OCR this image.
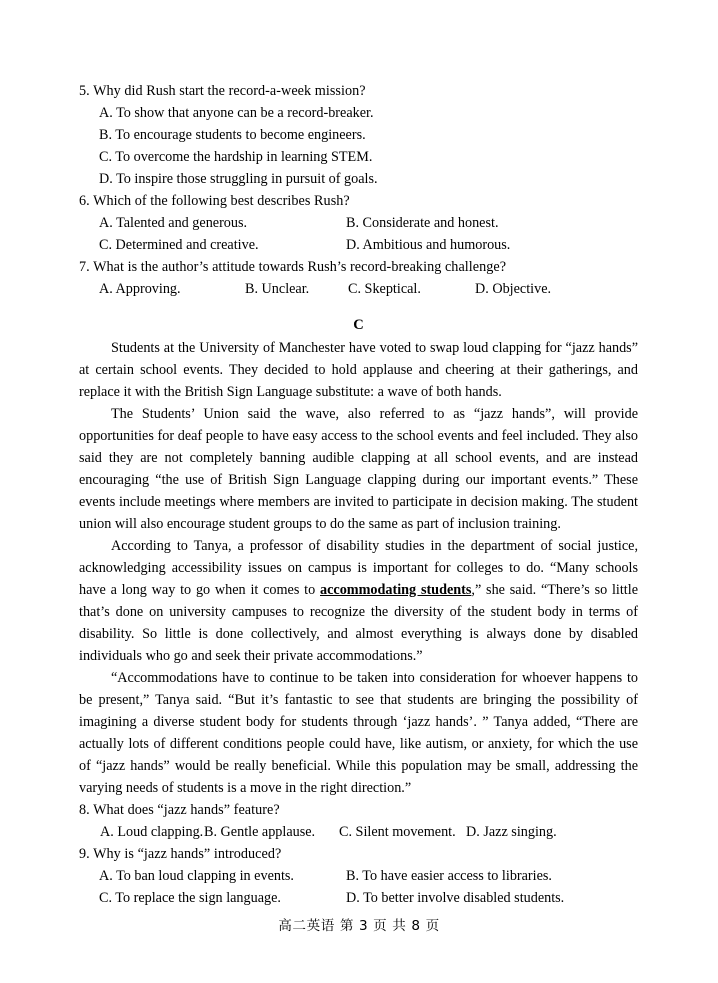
5. Why did Rush start the record-a-week mission?
A. To show that anyone can be a record-breaker.
B. To encourage students to become engineers.
C. To overcome the hardship in learning STEM.
D. To inspire those struggling in pursuit of goals.
6. Which of the following best describes Rush?
A. Talented and generous.	B. Considerate and honest.
C. Determined and creative.	D. Ambitious and humorous.
7. What is the author’s attitude towards Rush’s record-breaking challenge?
A. Approving.	B. Unclear.	C. Skeptical.	D. Objective.
C

Students at the University of Manchester have voted to swap loud clapping for “jazz hands” at certain school events. They decided to hold applause and cheering at their gatherings, and replace it with the British Sign Language substitute: a wave of both hands.

The Students’ Union said the wave, also referred to as “jazz hands”, will provide opportunities for deaf people to have easy access to the school events and feel included. They also said they are not completely banning audible clapping at all school events, and are instead encouraging “the use of British Sign Language clapping during our important events.” These events include meetings where members are invited to participate in decision making. The student union will also encourage student groups to do the same as part of inclusion training.

According to Tanya, a professor of disability studies in the department of social justice, acknowledging accessibility issues on campus is important for colleges to do. “Many schools have a long way to go when it comes to accommodating students,” she said. “There’s so little that’s done on university campuses to recognize the diversity of the student body in terms of disability. So little is done collectively, and almost everything is always done by disabled individuals who go and seek their private accommodations.”

“Accommodations have to continue to be taken into consideration for whoever happens to be present,” Tanya said. “But it’s fantastic to see that students are bringing the possibility of imagining a diverse student body for students through ‘jazz hands’. ” Tanya added, “There are actually lots of different conditions people could have, like autism, or anxiety, for which the use of “jazz hands” would be really beneficial. While this population may be small, addressing the varying needs of students is a move in the right direction.”

8. What does “jazz hands” feature?
A. Loud clapping. B. Gentle applause. C. Silent movement. D. Jazz singing.
9. Why is “jazz hands” introduced?
A. To ban loud clapping in events.	B. To have easier access to libraries.
C. To replace the sign language.	D. To better involve disabled students.
高二英语 第 3 页 共 8 页
